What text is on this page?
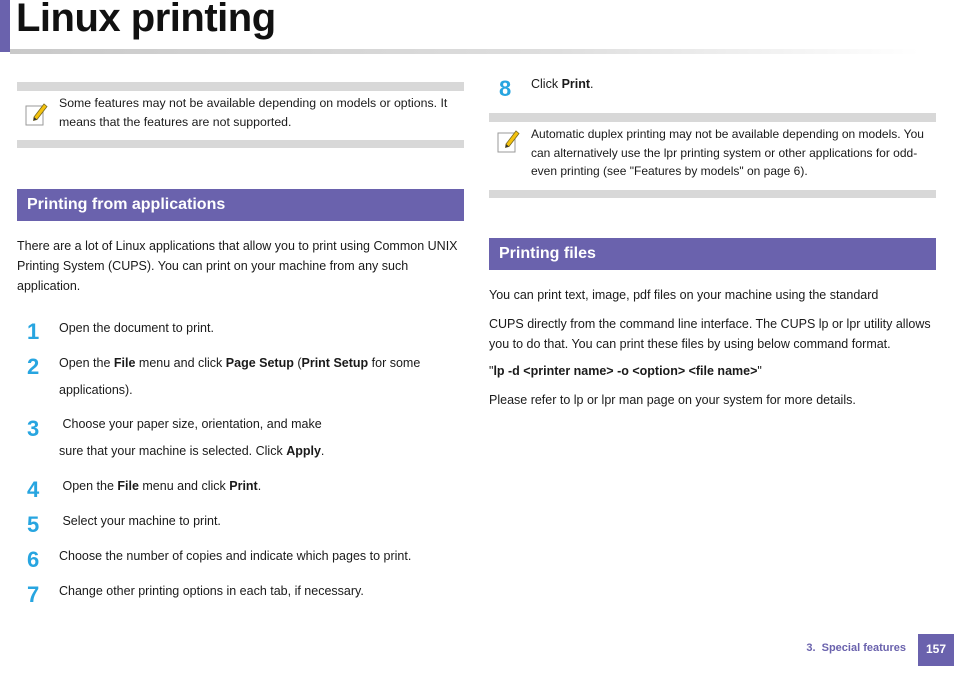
Linux printing
Some features may not be available depending on models or options. It
means that the features are not supported.
Printing from applications
There are a lot of Linux applications that allow you to print using Common UNIX
Printing System (CUPS). You can print on your machine from any such
application.
1	Open the document to print.
2	Open the File menu and click Page Setup (Print Setup for some
applications).
3	Choose your paper size, orientation, and make
sure that your machine is selected. Click Apply.
4	Open the File menu and click Print.
5	Select your machine to print.
6	Choose the number of copies and indicate which pages to print.
7	Change other printing options in each tab, if necessary.
8	Click Print.
Automatic duplex printing may not be available depending on models. You
can alternatively use the lpr printing system or other applications for odd-
even printing (see "Features by models" on page 6).
Printing files
You can print text, image, pdf files on your machine using the standard
CUPS directly from the command line interface. The CUPS lp or lpr utility allows
you to do that. You can print these files by using below command format.
"lp -d <printer name> -o <option> <file name>"
Please refer to lp or lpr man page on your system for more details.
3.  Special features	157
